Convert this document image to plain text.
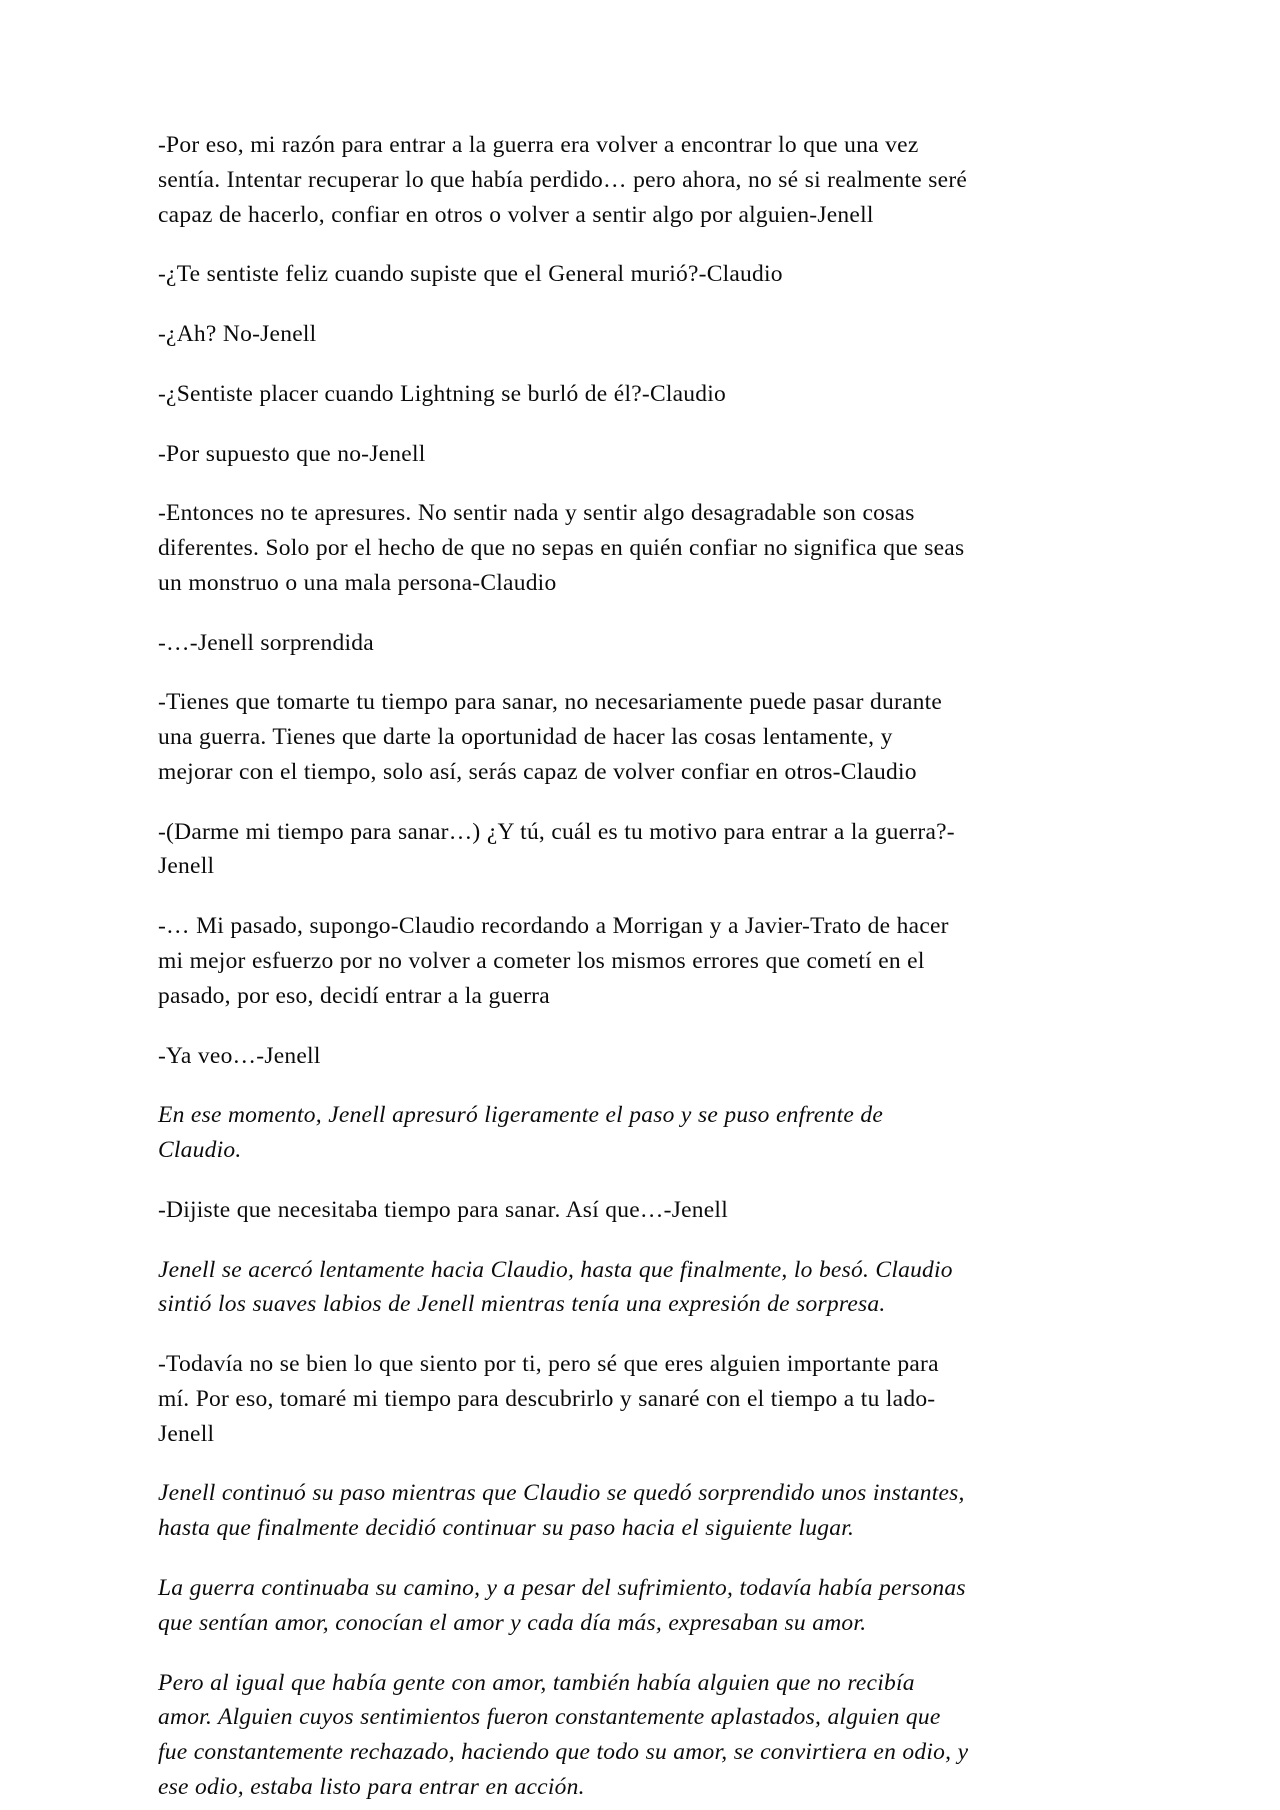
-Por eso, mi razón para entrar a la guerra era volver a encontrar lo que una vez sentía. Intentar recuperar lo que había perdido… pero ahora, no sé si realmente seré capaz de hacerlo, confiar en otros o volver a sentir algo por alguien-Jenell

-¿Te sentiste feliz cuando supiste que el General murió?-Claudio

-¿Ah? No-Jenell

-¿Sentiste placer cuando Lightning se burló de él?-Claudio

-Por supuesto que no-Jenell

-Entonces no te apresures. No sentir nada y sentir algo desagradable son cosas diferentes. Solo por el hecho de que no sepas en quién confiar no significa que seas un monstruo o una mala persona-Claudio

-…-Jenell sorprendida

-Tienes que tomarte tu tiempo para sanar, no necesariamente puede pasar durante una guerra. Tienes que darte la oportunidad de hacer las cosas lentamente, y mejorar con el tiempo, solo así, serás capaz de volver confiar en otros-Claudio

-(Darme mi tiempo para sanar…) ¿Y tú, cuál es tu motivo para entrar a la guerra?-Jenell

-… Mi pasado, supongo-Claudio recordando a Morrigan y a Javier-Trato de hacer mi mejor esfuerzo por no volver a cometer los mismos errores que cometí en el pasado, por eso, decidí entrar a la guerra

-Ya veo…-Jenell

En ese momento, Jenell apresuró ligeramente el paso y se puso enfrente de Claudio.

-Dijiste que necesitaba tiempo para sanar. Así que…-Jenell

Jenell se acercó lentamente hacia Claudio, hasta que finalmente, lo besó. Claudio sintió los suaves labios de Jenell mientras tenía una expresión de sorpresa.

-Todavía no se bien lo que siento por ti, pero sé que eres alguien importante para mí. Por eso, tomaré mi tiempo para descubrirlo y sanaré con el tiempo a tu lado-Jenell

Jenell continuó su paso mientras que Claudio se quedó sorprendido unos instantes, hasta que finalmente decidió continuar su paso hacia el siguiente lugar.

La guerra continuaba su camino, y a pesar del sufrimiento, todavía había personas que sentían amor, conocían el amor y cada día más, expresaban su amor.

Pero al igual que había gente con amor, también había alguien que no recibía amor. Alguien cuyos sentimientos fueron constantemente aplastados, alguien que fue constantemente rechazado, haciendo que todo su amor, se convirtiera en odio, y ese odio, estaba listo para entrar en acción.
